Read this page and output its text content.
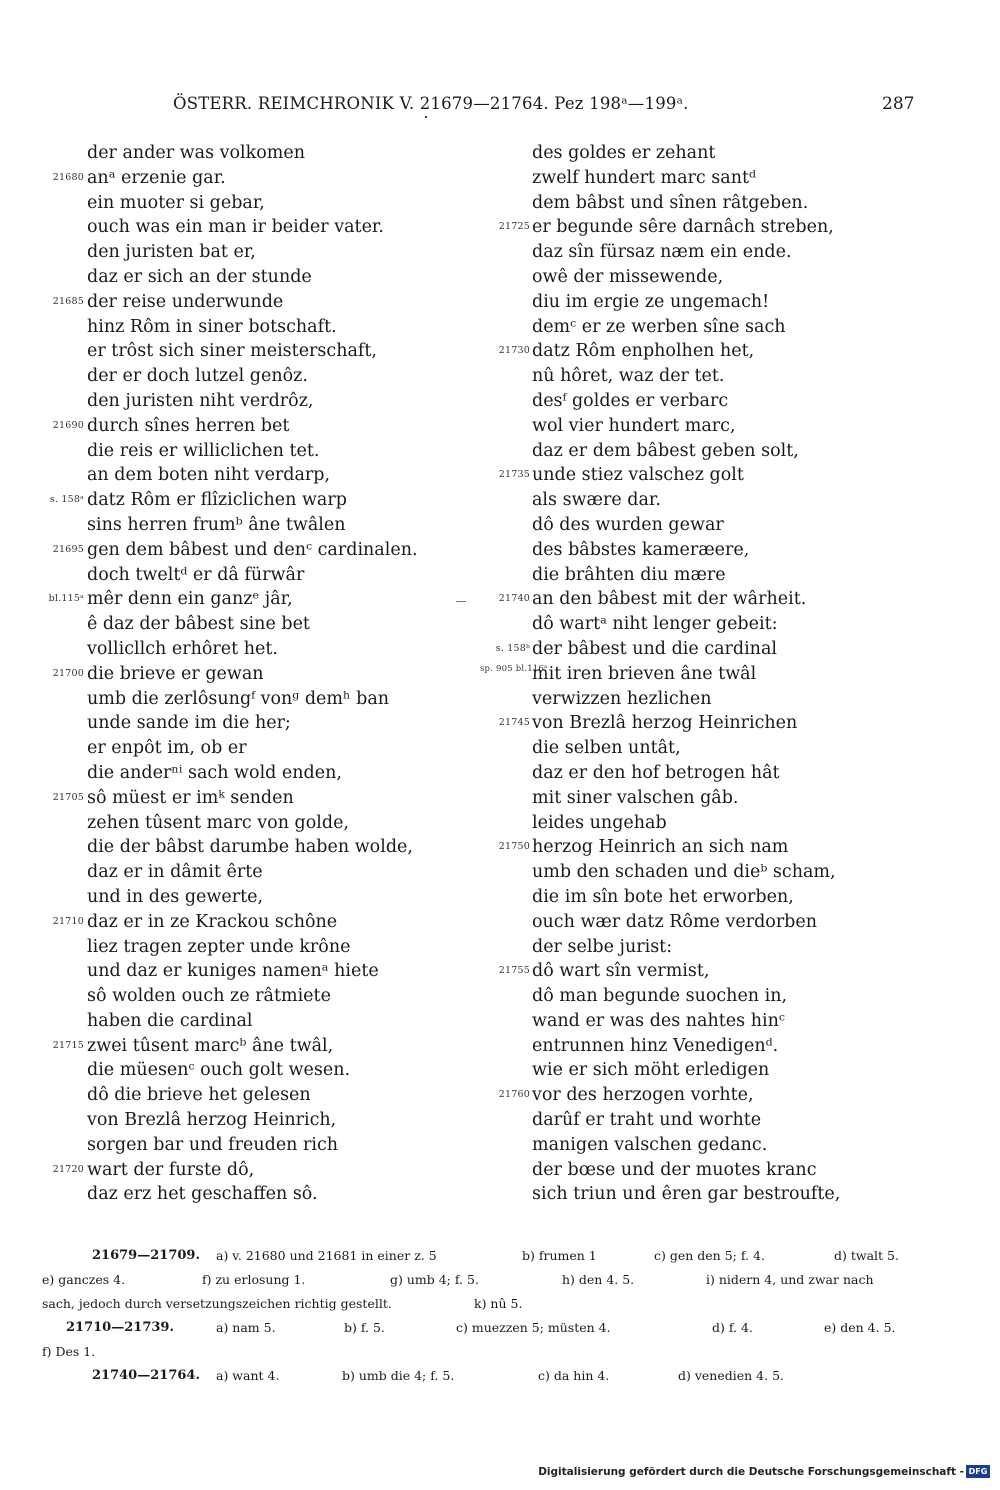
ÖSTERR. REIMCHRONIK V. 21679—21764. Pez 198ᵃ—199ᵃ.	287
der ander was volkomen
21680 anᵃ erzenie gar.
ein muoter si gebar,
ouch was ein man ir beider vater.
den juristen bat er,
daz er sich an der stunde
21685 der reise underwunde
hinz Rôm in siner botschaft.
er trôst sich siner meisterschaft,
der er doch lutzel genôz.
den juristen niht verdrôz,
21690 durch sînes herren bet
die reis er williclichen tet.
an dem boten niht verdarp,
s. 158ᵃ datz Rôm er flîziclichen warp
sins herren frumᵇ âne twâlen
21695 gen dem bâbest und denᶜ cardinalen.
doch tweltᵈ er dâ fürwâr
bl.115ᵃ mêr denn ein ganzᵉ jâr,
ê daz der bâbest sine bet
vollicllch erhôret het.
21700 die brieve er gewan
umb die zerlôsungᶠ vonᵍ demʰ ban
unde sande im die her;
er enpôt im, ob er
die anderⁿⁱ sach wold enden,
21705 sô müest er imᵏ senden
zehen tûsent marc von golde,
die der bâbst darumbe haben wolde,
daz er in dâmit êrte
und in des gewerte,
21710 daz er in ze Krackou schône
liez tragen zepter unde krône
und daz er kuniges namenᵃ hiete
sô wolden ouch ze râtmiete
haben die cardinal
21715 zwei tûsent marcᵇ âne twâl,
die müesenᶜ ouch golt wesen.
dô die brieve het gelesen
von Brezlâ herzog Heinrich,
sorgen bar und freuden rich
21720 wart der furste dô,
daz erz het geschaffen sô.
des goldes er zehant
zwelf hundert marc santᵈ
dem bâbst und sînen râtgeben.
21725 er begunde sêre darnâch streben,
daz sîn fürsaz næm ein ende.
owê der missewende,
diu im ergie ze ungemach!
demᶜ er ze werben sîne sach
21730 datz Rôm enpholhen het,
nû hôret, waz der tet.
desᶠ goldes er verbarc
wol vier hundert marc,
daz er dem bâbest geben solt,
21735 unde stiez valschez golt
als swære dar.
dô des wurden gewar
des bâbstes kameræere,
die brâhten diu mære
21740 an den bâbest mit der wârheit.
dô wartᵃ niht lenger gebeit:
s. 158ᵇ der bâbest und die cardinal
sp. 905 bl.116ᵃ
mit iren brieven âne twâl
verwizzen hezlichen
21745 von Brezlâ herzog Heinrichen
die selben untât,
daz er den hof betrogen hât
mit siner valschen gâb.
leides ungehab
21750 herzog Heinrich an sich nam
umb den schaden und dieᵇ scham,
die im sîn bote het erworben,
ouch wær datz Rôme verdorben
der selbe jurist:
21755 dô wart sîn vermist,
dô man begunde suochen in,
wand er was des nahtes hinᶜ
entrunnen hinz Venedigenᵈ.
wie er sich möht erledigen
21760 vor des herzogen vorhte,
darûf er traht und worhte
manigen valschen gedanc.
der bœse und der muotes kranc
sich triun und êren gar bestroufte,
21679—21709. a) v. 21680 und 21681 in einer z. 5	b) frumen 1	c) gen den 5; f. 4.	d) twalt 5.
e) ganczes 4.	f) zu erlosung 1.	g) umb 4; f. 5.	h) den 4. 5.	i) nidern 4, und zwar nach
sach, jedoch durch versetzungszeichen richtig gestellt.	k) nû 5.
21710—21739.	a) nam 5.	b) f. 5.	c) muezzen 5; müsten 4.	d) f. 4.	e) den 4. 5.
f) Des 1.
21740—21764. a) want 4.	b) umb die 4; f. 5.	c) da hin 4.	d) venedien 4. 5.
Digitalisierung gefördert durch die Deutsche Forschungsgemeinschaft - DFG
